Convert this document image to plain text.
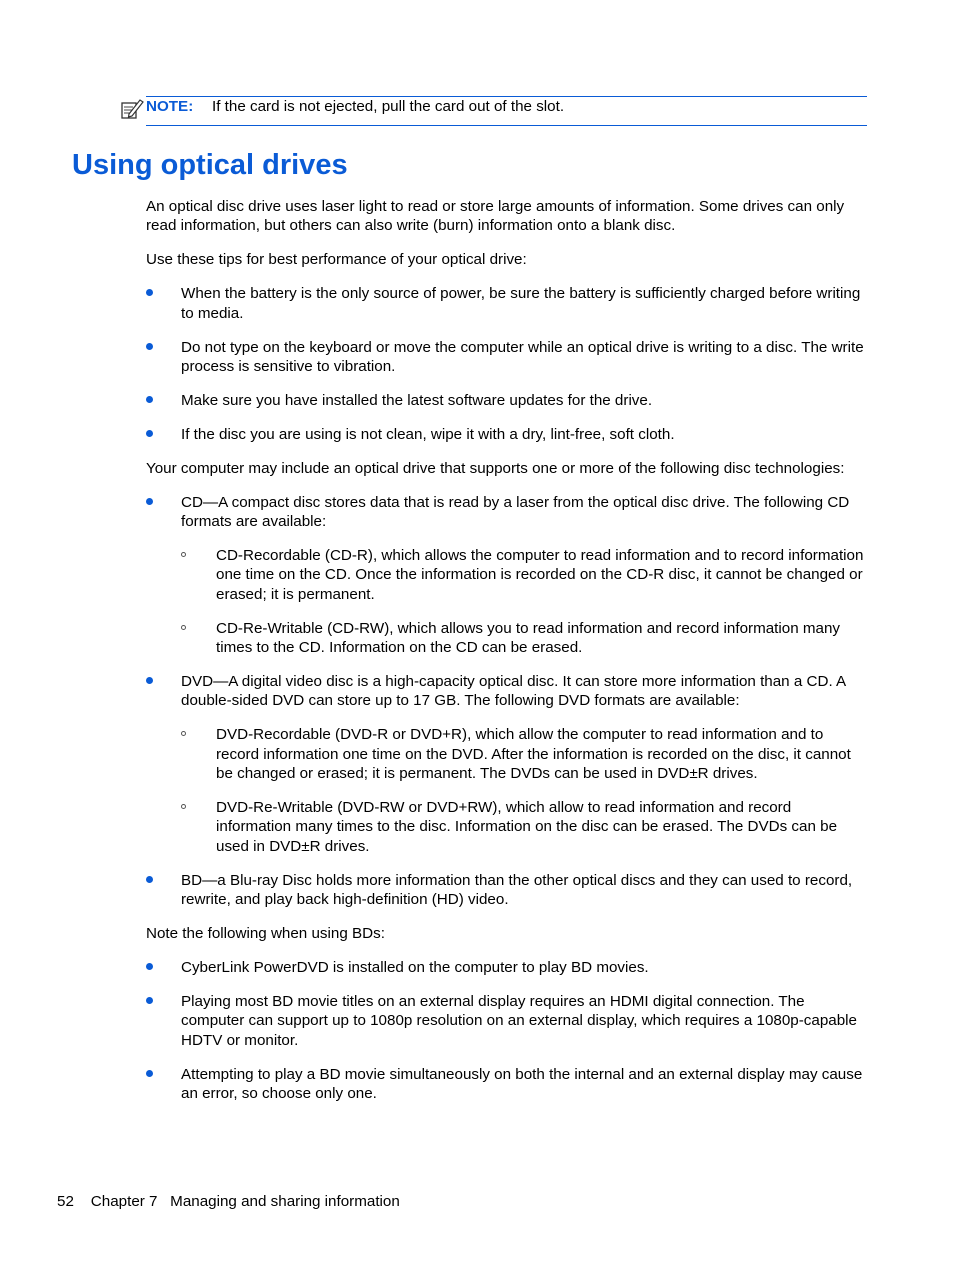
NOTE: If the card is not ejected, pull the card out of the slot.
Using optical drives

An optical disc drive uses laser light to read or store large amounts of information. Some drives can only read information, but others can also write (burn) information onto a blank disc.

Use these tips for best performance of your optical drive:

When the battery is the only source of power, be sure the battery is sufficiently charged before writing to media.
Do not type on the keyboard or move the computer while an optical drive is writing to a disc. The write process is sensitive to vibration.
Make sure you have installed the latest software updates for the drive.
If the disc you are using is not clean, wipe it with a dry, lint-free, soft cloth.

Your computer may include an optical drive that supports one or more of the following disc technologies:

CD—A compact disc stores data that is read by a laser from the optical disc drive. The following CD formats are available:
CD-Recordable (CD-R), which allows the computer to read information and to record information one time on the CD. Once the information is recorded on the CD-R disc, it cannot be changed or erased; it is permanent.
CD-Re-Writable (CD-RW), which allows you to read information and record information many times to the CD. Information on the CD can be erased.
DVD—A digital video disc is a high-capacity optical disc. It can store more information than a CD. A double-sided DVD can store up to 17 GB. The following DVD formats are available:
DVD-Recordable (DVD-R or DVD+R), which allow the computer to read information and to record information one time on the DVD. After the information is recorded on the disc, it cannot be changed or erased; it is permanent. The DVDs can be used in DVD±R drives.
DVD-Re-Writable (DVD-RW or DVD+RW), which allow to read information and record information many times to the disc. Information on the disc can be erased. The DVDs can be used in DVD±R drives.
BD—a Blu-ray Disc holds more information than the other optical discs and they can used to record, rewrite, and play back high-definition (HD) video.

Note the following when using BDs:

CyberLink PowerDVD is installed on the computer to play BD movies.
Playing most BD movie titles on an external display requires an HDMI digital connection. The computer can support up to 1080p resolution on an external display, which requires a 1080p-capable HDTV or monitor.
Attempting to play a BD movie simultaneously on both the internal and an external display may cause an error, so choose only one.
52 Chapter 7 Managing and sharing information
